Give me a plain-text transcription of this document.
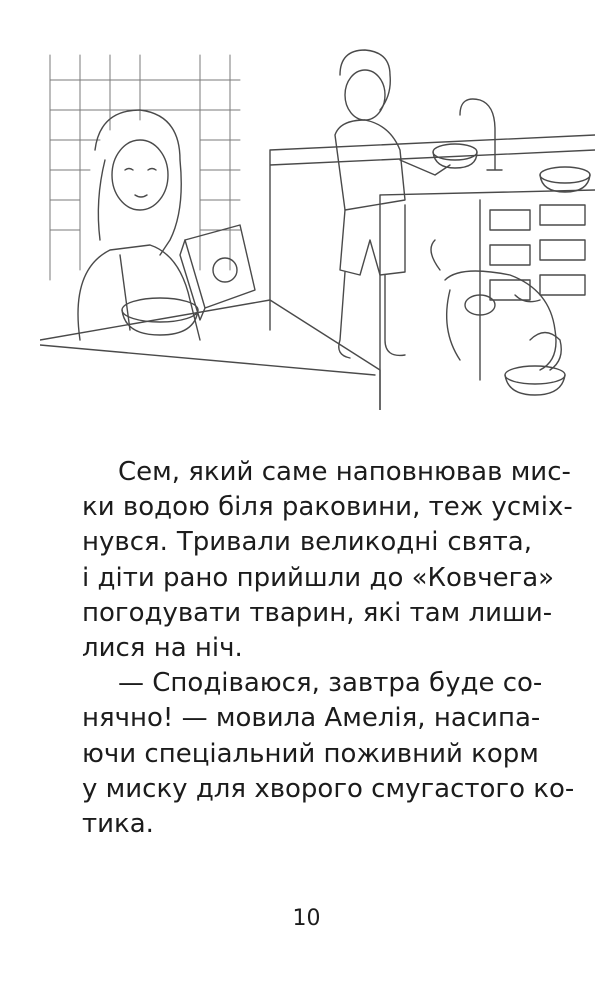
Сем, який саме наповнював мис-
ки водою біля раковини, теж усміх-
нувся. Тривали великодні свята,
і діти рано прийшли до «Ковчега»
погодувати тварин, які там лиши-
лися на ніч.
— Сподіваюся, завтра буде со-
нячно! — мовила Амелія, насипа-
ючи спеціальний поживний корм
у миску для хворого смугастого ко-
тика.
10
